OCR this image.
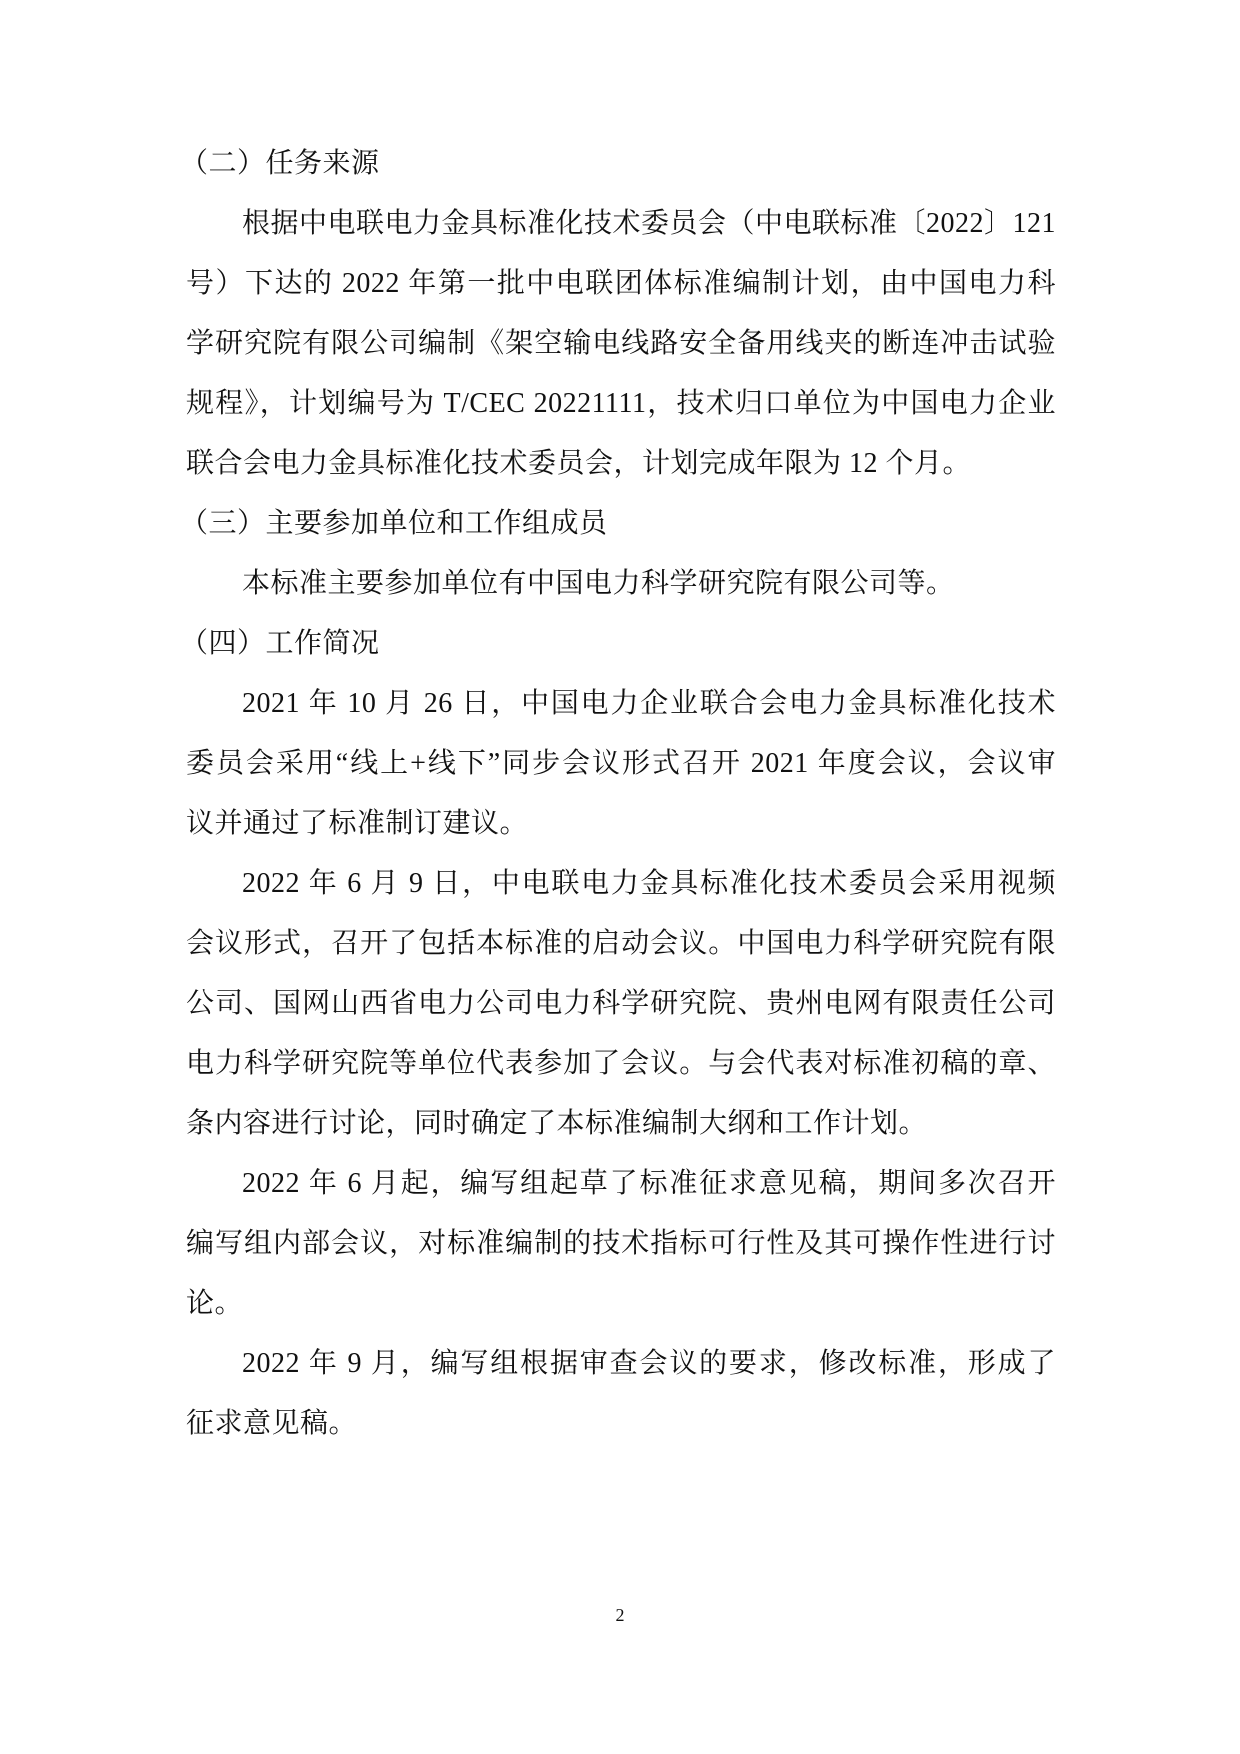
（二）任务来源
根据中电联电力金具标准化技术委员会（中电联标准〔2022〕121
号）下达的 2022 年第一批中电联团体标准编制计划，由中国电力科
学研究院有限公司编制《架空输电线路安全备用线夹的断连冲击试验
规程》，计划编号为 T/CEC 20221111，技术归口单位为中国电力企业
联合会电力金具标准化技术委员会，计划完成年限为 12 个月。
（三）主要参加单位和工作组成员
本标准主要参加单位有中国电力科学研究院有限公司等。
（四）工作简况
2021 年 10 月 26 日，中国电力企业联合会电力金具标准化技术
委员会采用“线上+线下”同步会议形式召开 2021 年度会议，会议审
议并通过了标准制订建议。
2022 年 6 月 9 日，中电联电力金具标准化技术委员会采用视频
会议形式，召开了包括本标准的启动会议。中国电力科学研究院有限
公司、国网山西省电力公司电力科学研究院、贵州电网有限责任公司
电力科学研究院等单位代表参加了会议。与会代表对标准初稿的章、
条内容进行讨论，同时确定了本标准编制大纲和工作计划。
2022 年 6 月起，编写组起草了标准征求意见稿，期间多次召开
编写组内部会议，对标准编制的技术指标可行性及其可操作性进行讨
论。
2022 年 9 月，编写组根据审查会议的要求，修改标准，形成了
征求意见稿。
2
